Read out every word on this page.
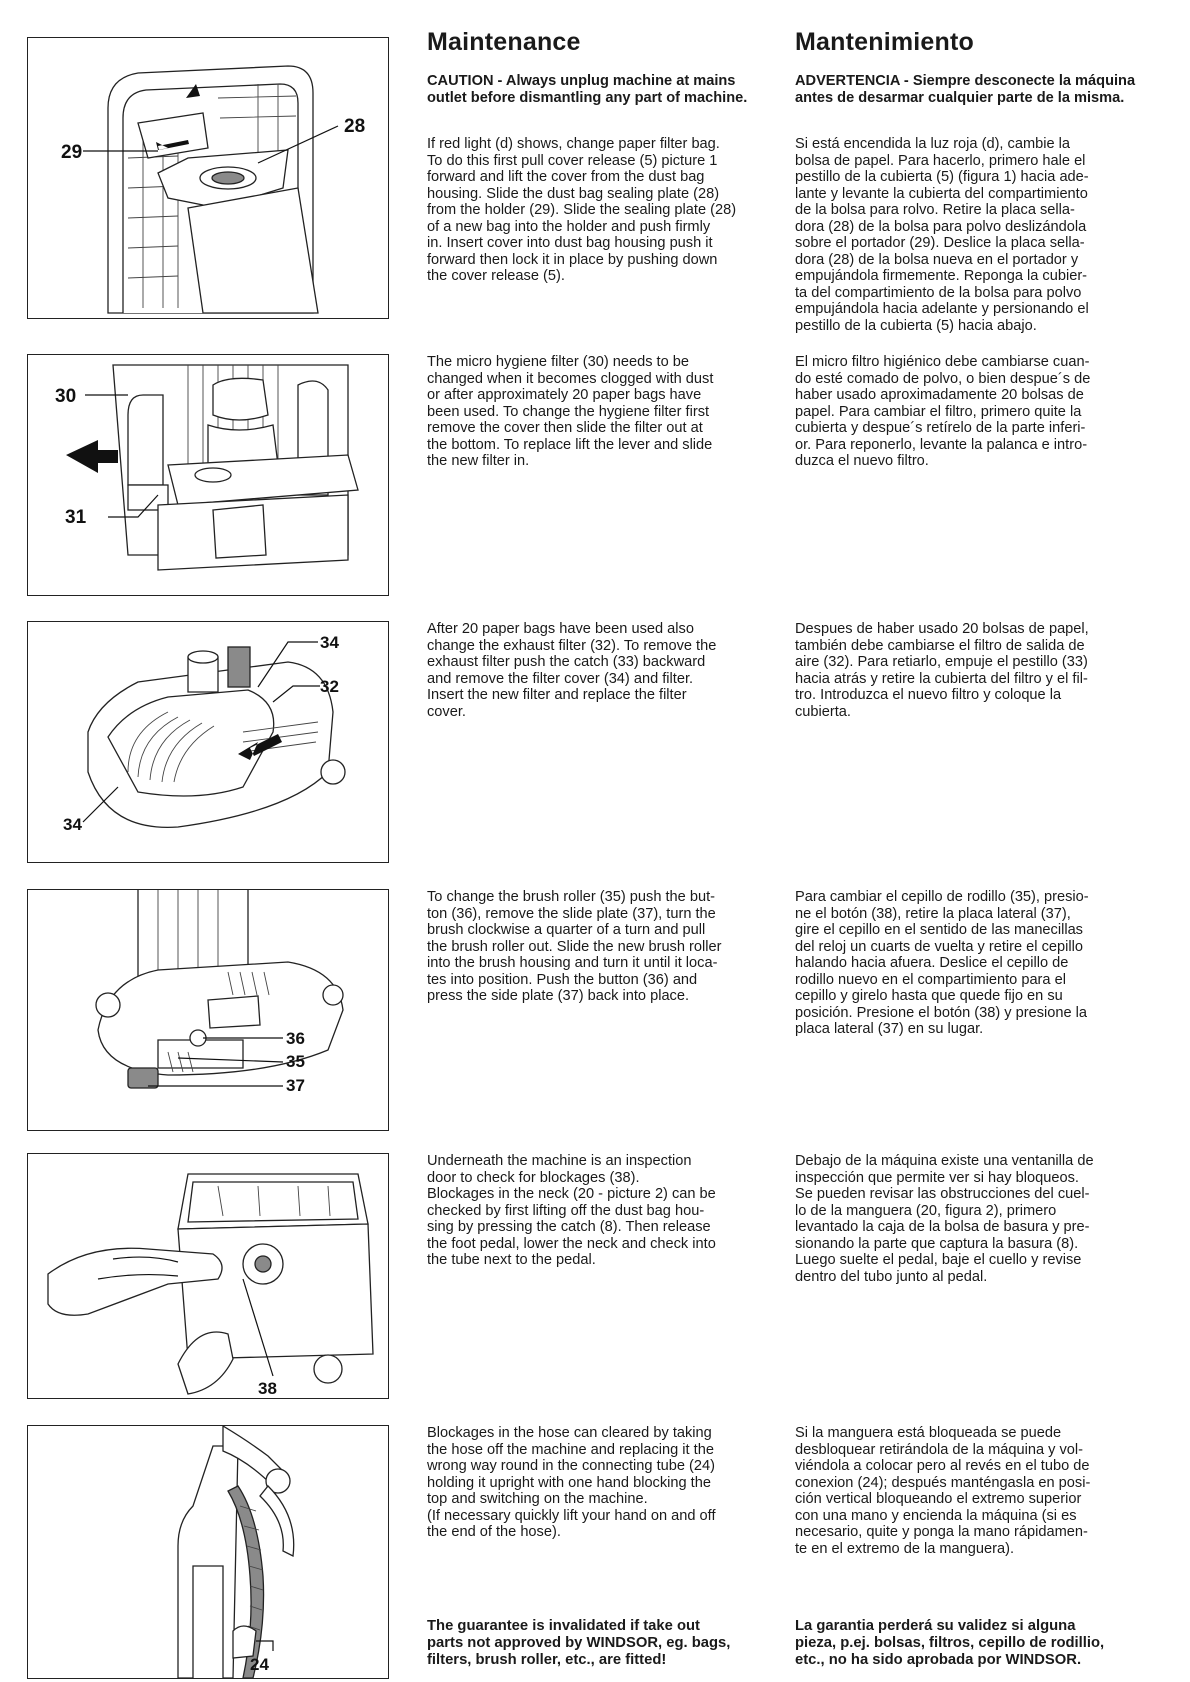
Maintenance	Mantenimiento

CAUTION - Always unplug machine at mains outlet before dismantling any part of machine.

ADVERTENCIA - Siempre desconecte la máquina antes de desarmar cualquier parte de la misma.

29
28

If red light (d) shows, change paper filter bag.
To do this first pull cover release (5) picture 1
forward and lift the cover from the dust bag
housing. Slide the dust bag sealing plate (28)
from the holder (29). Slide the sealing plate (28)
of a new bag into the holder and push firmly
in. Insert cover into dust bag housing push it
forward then lock it in place by pushing down
the cover release (5).

Si está encendida la luz roja (d), cambie la
bolsa de papel. Para hacerlo, primero hale el
pestillo de la cubierta (5) (figura 1) hacia ade-
lante y levante la cubierta del compartimiento
de la bolsa para rolvo. Retire la placa sella-
dora (28) de la bolsa para polvo deslizándola
sobre el portador (29). Deslice la placa sella-
dora (28) de la bolsa nueva en el portador y
empujándola firmemente. Reponga la cubier-
ta del compartimiento de la bolsa para polvo
empujándola hacia adelante y persionando el
pestillo de la cubierta (5) hacia abajo.

30
31

The micro hygiene filter (30) needs to be
changed when it becomes clogged with dust
or after approximately 20 paper bags have
been used. To change the hygiene filter first
remove the cover then slide the filter out at
the bottom. To replace lift the lever and slide
the new filter in.

El micro filtro higiénico debe cambiarse cuan-
do esté comado de polvo, o bien despue´s de
haber usado aproximadamente 20 bolsas de
papel. Para cambiar el filtro, primero quite la
cubierta y despue´s retírelo de la parte inferi-
or. Para reponerlo, levante la palanca e intro-
duzca el nuevo filtro.

34
32
34

After 20 paper bags have been used also
change the exhaust filter (32). To remove the
exhaust filter push the catch (33) backward
and remove the filter cover (34) and filter.
Insert the new filter and replace the filter
cover.

Despues de haber usado 20 bolsas de papel,
también debe cambiarse el filtro de salida de
aire (32). Para retiarlo, empuje el pestillo (33)
hacia atrás y retire la cubierta del filtro y el fil-
tro. Introduzca el nuevo filtro y coloque la
cubierta.

36
35
37

To change the brush roller (35) push the but-
ton (36), remove the slide plate (37), turn the
brush clockwise a quarter of a turn and pull
the brush roller out. Slide the new brush roller
into the brush housing and turn it until it loca-
tes into position. Push the button (36) and
press the side plate (37) back into place.

Para cambiar el cepillo de rodillo (35), presio-
ne el botón (38), retire la placa lateral (37),
gire el cepillo en el sentido de las manecillas
del reloj un cuarts de vuelta y retire el cepillo
halando hacia afuera. Deslice el cepillo de
rodillo nuevo en el compartimiento para el
cepillo y girelo hasta que quede fijo en su
posición. Presione el botón (38) y presione la
placa lateral (37) en su lugar.

38

Underneath the machine is an inspection
door to check for blockages (38).
Blockages in the neck (20 - picture 2) can be
checked by first lifting off the dust bag hou-
sing by pressing the catch (8). Then release
the foot pedal, lower the neck and check into
the tube next to the pedal.

Debajo de la máquina existe una ventanilla de
inspección que permite ver si hay bloqueos.
Se pueden revisar las obstrucciones del cuel-
lo de la manguera (20, figura 2), primero
levantado la caja de la bolsa de basura y pre-
sionando la parte que captura la basura (8).
Luego suelte el pedal, baje el cuello y revise
dentro del tubo junto al pedal.

24

Blockages in the hose can cleared by taking
the hose off the machine and replacing it the
wrong way round in the connecting tube (24)
holding it upright with one hand blocking the
top and switching on the machine.
(If necessary quickly lift your hand on and off
the end of the hose).

Si la manguera está bloqueada se puede
desbloquear retirándola de la máquina y vol-
viéndola a colocar pero al revés en el tubo de
conexion (24); después manténgasla en posi-
ción vertical bloqueando el extremo superior
con una mano y encienda la máquina (si es
necesario, quite y ponga la mano rápidamen-
te en el extremo de la manguera).

The guarantee is invalidated if take out
parts not approved by WINDSOR, eg. bags,
filters, brush roller, etc., are fitted!

La garantia perderá su validez si alguna
pieza, p.ej. bolsas, filtros, cepillo de rodillio,
etc., no ha sido aprobada por WINDSOR.
